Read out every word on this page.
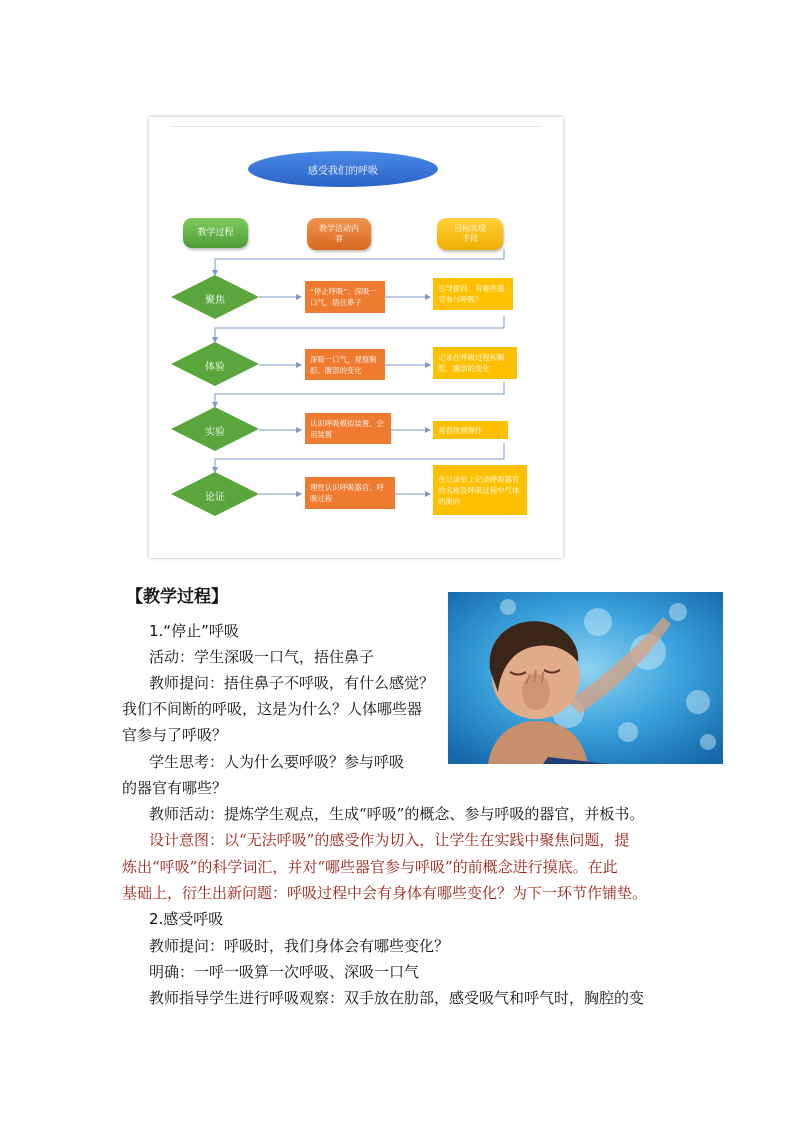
感受我们的呼吸
教学过程	教学活动内容
目标实现手段
聚焦
体验
实验
论证
“停止呼吸”：深吸一口气，捂住鼻子
引导提问：有哪些器官参与呼吸？
深吸一口气，观察胸腔、腹部的变化
记录在呼吸过程和胸腔、腹部的变化
认识呼吸模拟装置、会用装置	观看视频操作
理性认识呼吸器官、呼吸过程
在记录单上记录呼吸器官的名称及呼吸过程中气体的流向
【教学过程】
1.“停止”呼吸
活动：学生深吸一口气，捂住鼻子
教师提问：捂住鼻子不呼吸，有什么感觉？
我们不间断的呼吸，这是为什么？人体哪些器
官参与了呼吸？
学生思考：人为什么要呼吸？参与呼吸
的器官有哪些？
教师活动：提炼学生观点，生成“呼吸”的概念、参与呼吸的器官，并板书。
设计意图：以“无法呼吸”的感受作为切入，让学生在实践中聚焦问题，提
炼出“呼吸”的科学词汇，并对“哪些器官参与呼吸”的前概念进行摸底。在此
基础上，衍生出新问题：呼吸过程中会有身体有哪些变化？为下一环节作铺垫。
2.感受呼吸
教师提问：呼吸时，我们身体会有哪些变化？
明确：一呼一吸算一次呼吸、深吸一口气
教师指导学生进行呼吸观察：双手放在肋部，感受吸气和呼气时，胸腔的变
